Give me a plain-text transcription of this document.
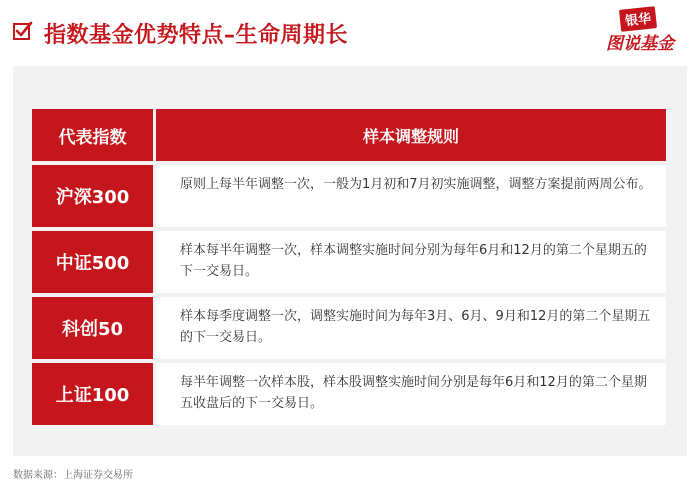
指数基金优势特点–生命周期长
银华
图说基金
代表指数	样本调整规则
沪深300
原则上每半年调整一次，一般为1月初和7月初实施调整，调整方案提前两周公布。
中证500
样本每半年调整一次，样本调整实施时间分别为每年6月和12月的第二个星期五的下一交易日。
科创50
样本每季度调整一次，调整实施时间为每年3月、6月、9月和12月的第二个星期五的下一交易日。
上证100
每半年调整一次样本股，样本股调整实施时间分别是每年6月和12月的第二个星期五收盘后的下一交易日。
数据来源：上海证券交易所
